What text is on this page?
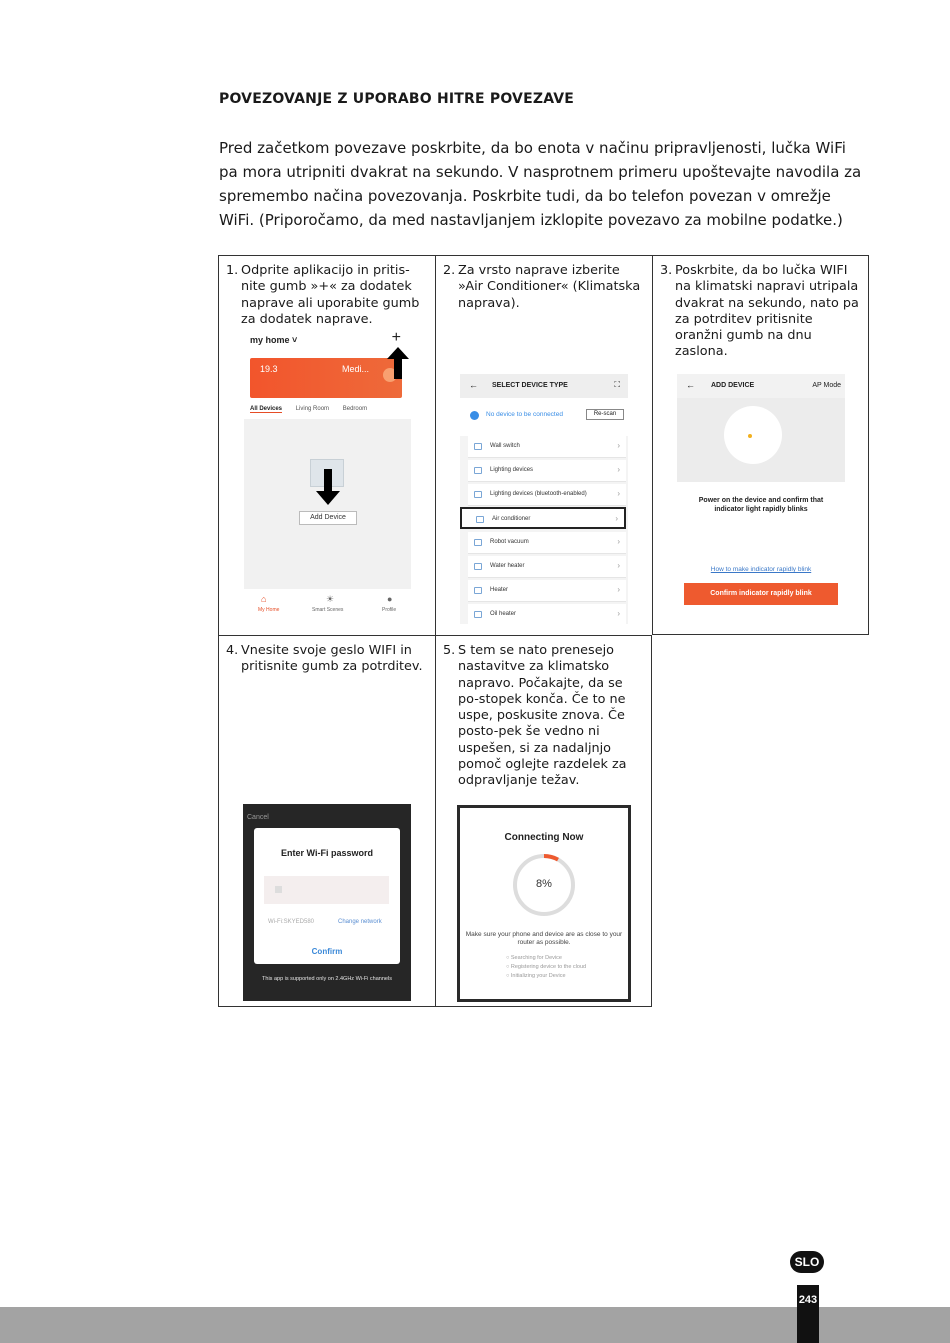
POVEZOVANJE Z UPORABO HITRE POVEZAVE
Pred začetkom povezave poskrbite, da bo enota v načinu pripravljenosti, lučka WiFi pa mora utripniti dvakrat na sekundo. V nasprotnem primeru upoštevajte navodila za spremembo načina povezovanja. Poskrbite tudi, da bo telefon povezan v omrežje WiFi. (Priporočamo, da med nastavljanjem izklopite povezavo za mobilne podatke.)
1. Odprite aplikacijo in pritis-nite gumb »+« za dodatek naprave ali uporabite gumb za dodatek naprave.
my home ˅	+
19.3	Medi...
All Devices Living Room Bedroom
Add Device
My Home	Smart Scenes	Profile
⌂	☀	●
2. Za vrsto naprave izberite »Air Conditioner« (Klimatska naprava).
← SELECT DEVICE TYPE	⛶
No device to be connected	Re-scan
Wall switch	›
Lighting devices	›
Lighting devices (bluetooth-enabled)	›
Air conditioner	›
Robot vacuum	›
Water heater	›
Heater	›
Oil heater	›
3. Poskrbite, da bo lučka WIFI na klimatski napravi utripala dvakrat na sekundo, nato pa za potrditev pritisnite oranžni gumb na dnu zaslona.
← ADD DEVICE	AP Mode
Power on the device and confirm that indicator light rapidly blinks
How to make indicator rapidly blink
Confirm indicator rapidly blink
4. Vnesite svoje geslo WIFI in pritisnite gumb za potrditev.
Cancel
Enter Wi-Fi password
Wi-Fi:SKYED580	Change network
Confirm
This app is supported only on 2.4GHz Wi-Fi channels
5. S tem se nato prenesejo nastavitve za klimatsko napravo. Počakajte, da se po-stopek konča. Če to ne uspe, poskusite znova. Če posto-pek še vedno ni uspešen, si za nadaljnjo pomoč oglejte razdelek za odpravljanje težav.
Connecting Now
8%
Make sure your phone and device are as close to your router as possible.
○ Searching for Device
○ Registering device to the cloud
○ Initializing your Device
SLO
243
